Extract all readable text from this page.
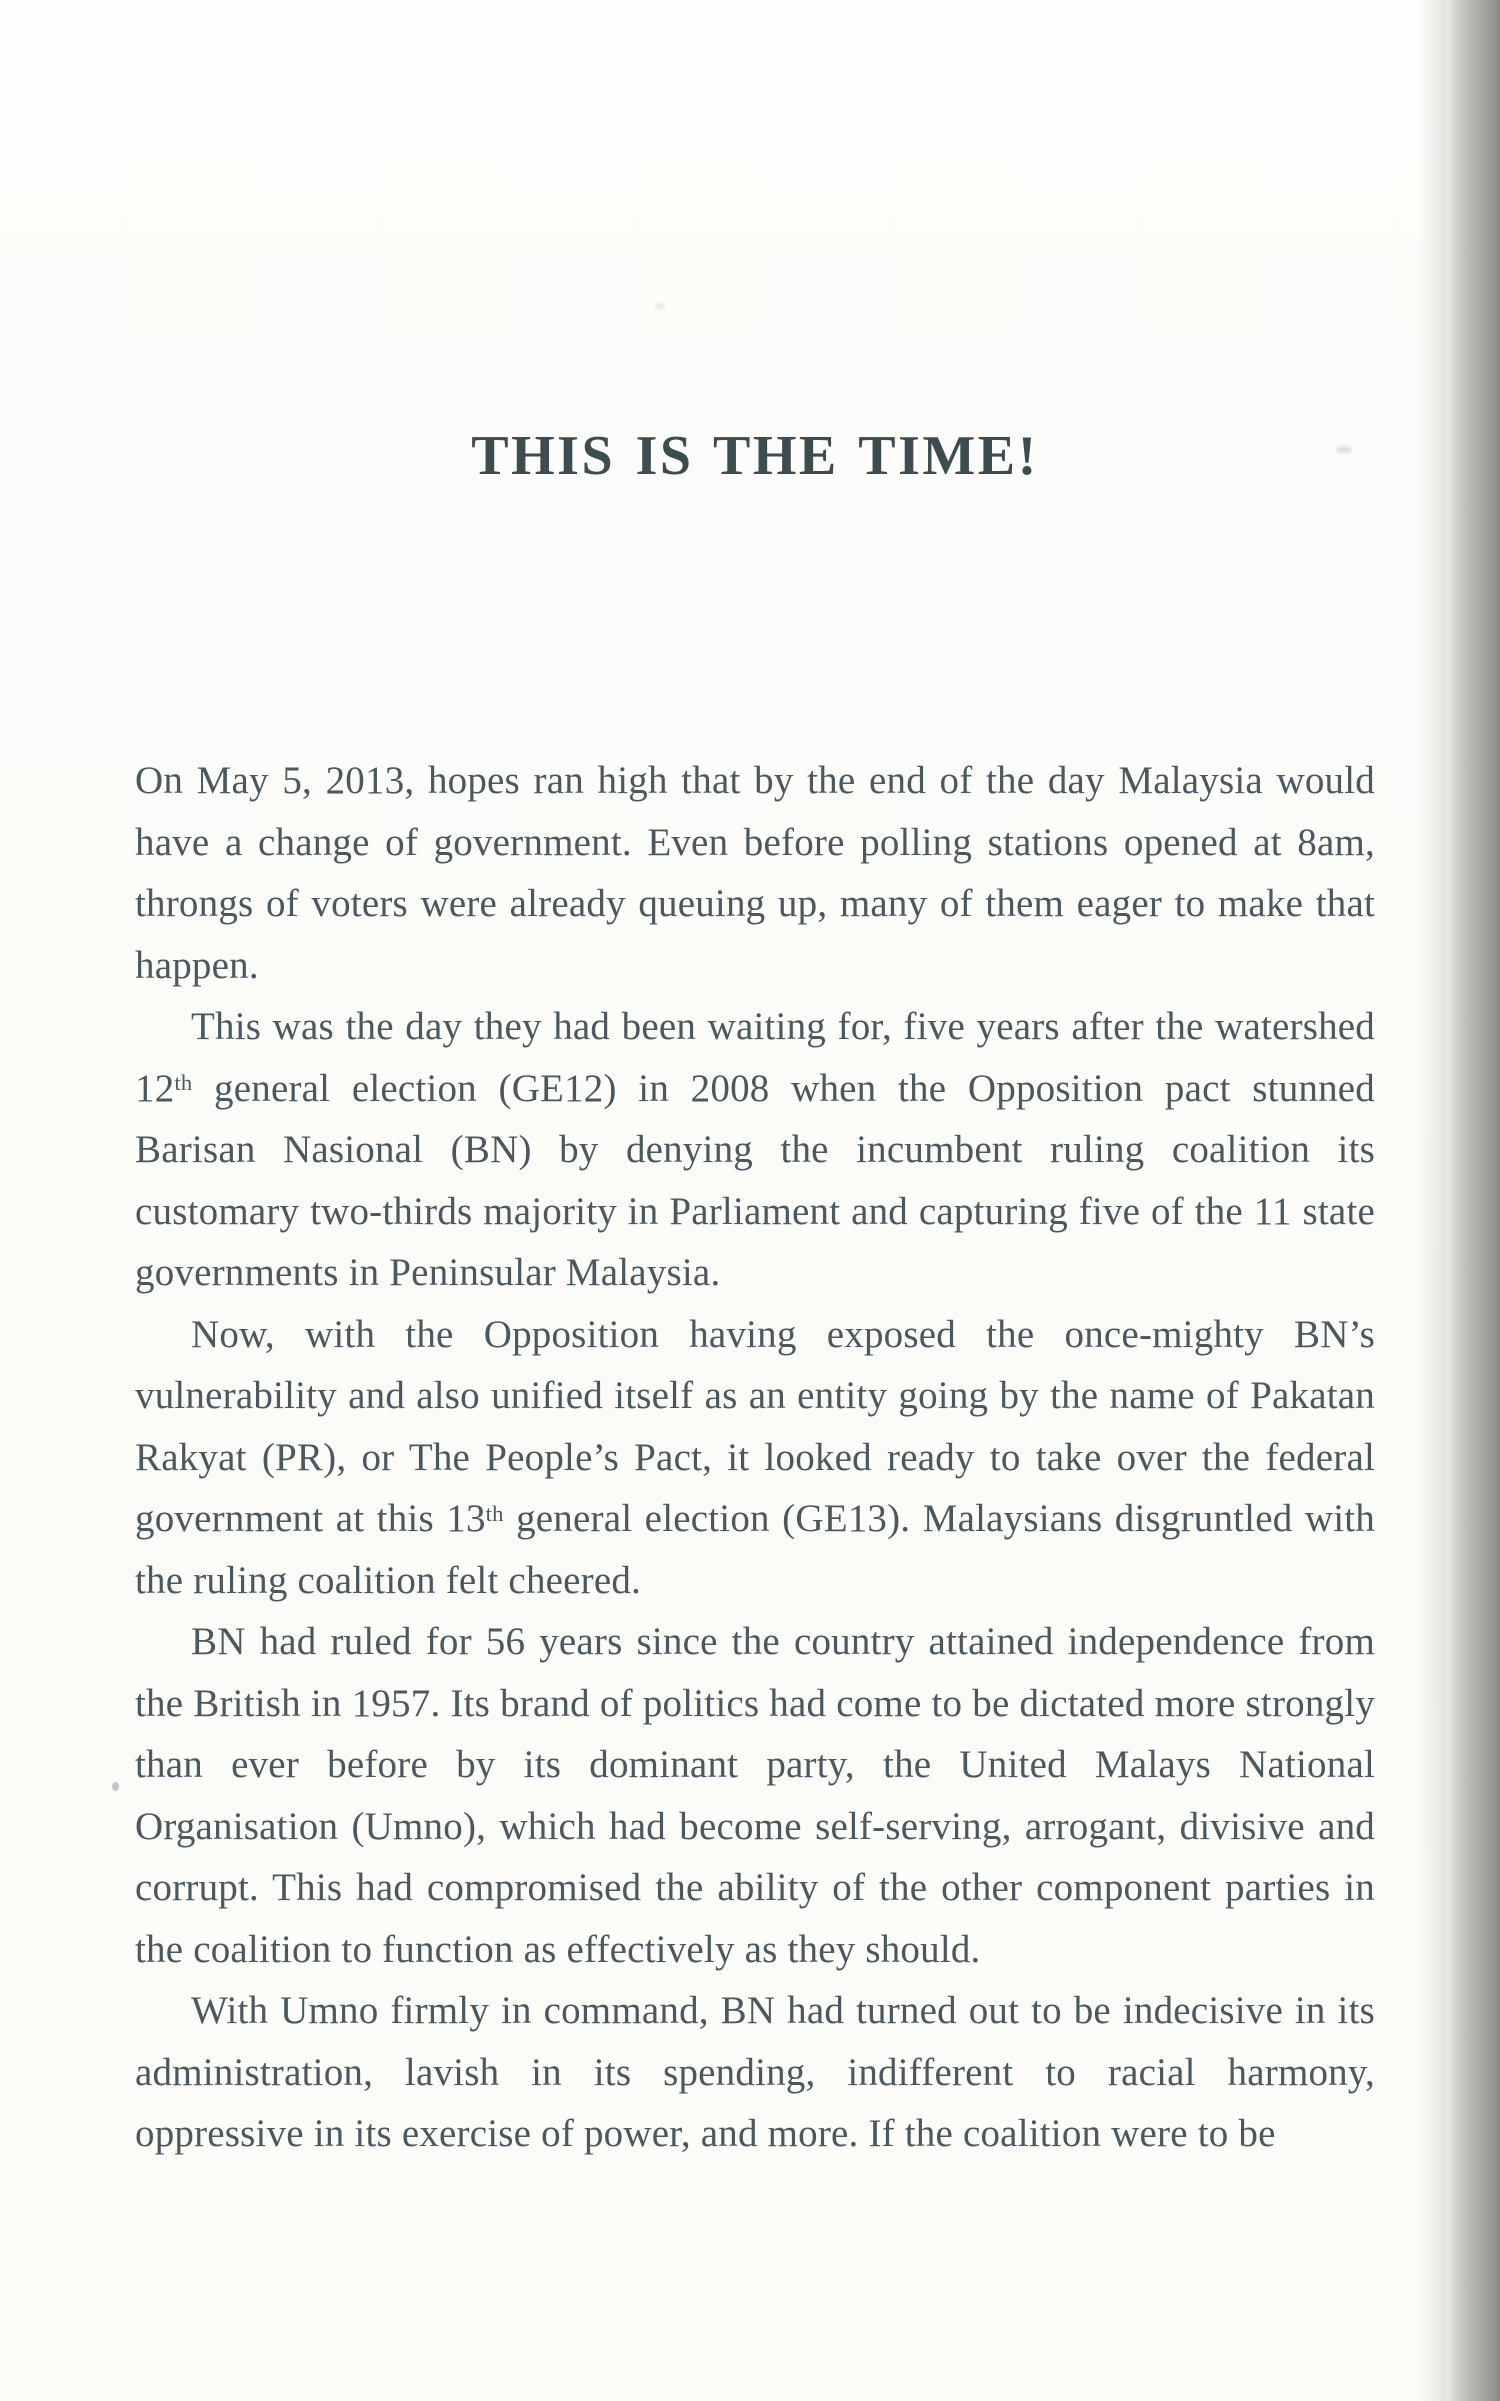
THIS IS THE TIME!

On May 5, 2013, hopes ran high that by the end of the day Malaysia would have a change of government. Even before polling stations opened at 8am, throngs of voters were already queuing up, many of them eager to make that happen.

This was the day they had been waiting for, five years after the watershed 12th general election (GE12) in 2008 when the Opposition pact stunned Barisan Nasional (BN) by denying the incumbent ruling coalition its customary two-thirds majority in Parliament and capturing five of the 11 state governments in Peninsular Malaysia.

Now, with the Opposition having exposed the once-mighty BN’s vulnerability and also unified itself as an entity going by the name of Pakatan Rakyat (PR), or The People’s Pact, it looked ready to take over the federal government at this 13th general election (GE13). Malaysians disgruntled with the ruling coalition felt cheered.

BN had ruled for 56 years since the country attained independence from the British in 1957. Its brand of politics had come to be dictated more strongly than ever before by its dominant party, the United Malays National Organisation (Umno), which had become self-serving, arrogant, divisive and corrupt. This had compromised the ability of the other component parties in the coalition to function as effectively as they should.

With Umno firmly in command, BN had turned out to be indecisive in its administration, lavish in its spending, indifferent to racial harmony, oppressive in its exercise of power, and more. If the coalition were to be
